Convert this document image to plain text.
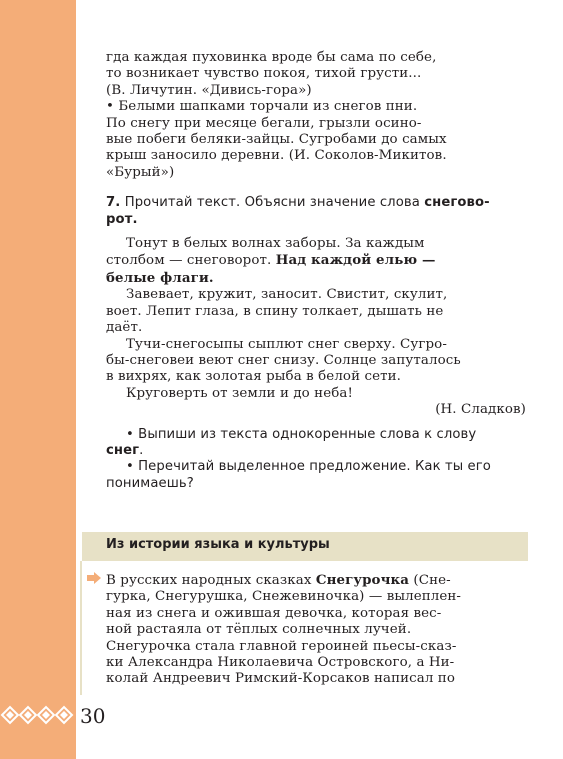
30

гда каждая пуховинка вроде бы сама по себе,

то возникает чувство покоя, тихой грусти...

(В. Личутин. «Дивись-гора»)

• Белыми шапками торчали из снегов пни.

По снегу при месяце бегали, грызли осино-

вые побеги беляки-зайцы. Сугробами до самых

крыш заносило деревни. (И. Соколов-Микитов.

«Бурый»)

7. Прочитай текст. Объясни значение слова снегово-

рот.

Тонут в белых волнах заборы. За каждым

столбом — снеговорот. Над каждой елью —

белые флаги.

Завевает, кружит, заносит. Свистит, скулит,

воет. Лепит глаза, в спину толкает, дышать не

даёт.

Тучи-снегосыпы сыплют снег сверху. Сугро-

бы-снеговеи веют снег снизу. Солнце запуталось

в вихрях, как золотая рыба в белой сети.

Круговерть от земли и до неба!

(Н. Сладков)

• Выпиши из текста однокоренные слова к слову

снег.

• Перечитай выделенное предложение. Как ты его

понимаешь?

Из истории языка и культуры

В русских народных сказках Снегурочка (Сне-

гурка, Снегурушка, Снежевиночка) — вылеплен-

ная из снега и ожившая девочка, которая вес-

ной растаяла от тёплых солнечных лучей.

Снегурочка стала главной героиней пьесы-сказ-

ки Александра Николаевича Островского, а Ни-

колай Андреевич Римский-Корсаков написал по
